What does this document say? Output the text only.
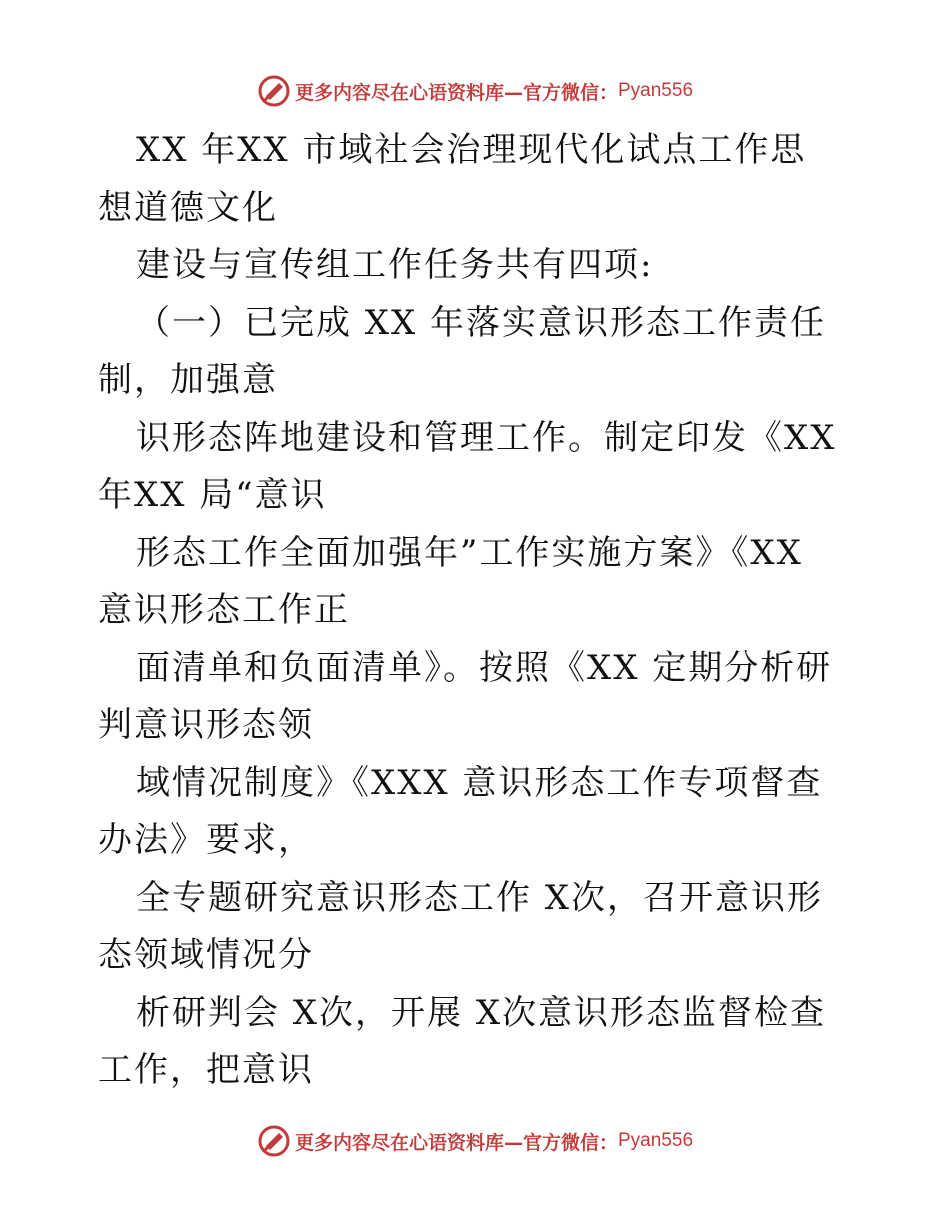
更多内容尽在心语资料库—官方微信： Pyan556

XX 年XX 市域社会治理现代化试点工作思想道德文化

建设与宣传组工作任务共有四项:

（一）已完成 XX 年落实意识形态工作责任制，加强意

识形态阵地建设和管理工作。制定印发《XX 年XX 局“意识

形态工作全面加强年”工作实施方案》《XX 意识形态工作正

面清单和负面清单》。按照《XX 定期分析研判意识形态领

域情况制度》《XXX 意识形态工作专项督查办法》要求，

全专题研究意识形态工作 X次，召开意识形态领域情况分

析研判会 X次，开展 X次意识形态监督检查工作，把意识

更多内容尽在心语资料库—官方微信： Pyan556
